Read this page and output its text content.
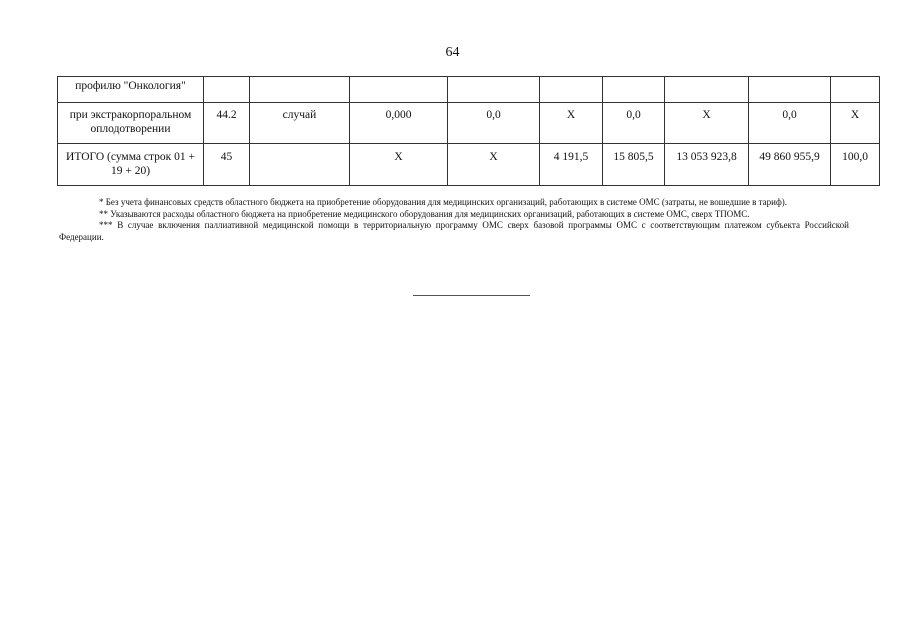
64
профилю "Онкология"									
при экстракорпоральном оплодотворении	44.2	случай	0,000	0,0	Х	0,0	Х	0,0	Х
ИТОГО (сумма строк 01 + 19 + 20)	45		Х	Х	4 191,5	15 805,5	13 053 923,8	49 860 955,9	100,0

* Без учета финансовых средств областного бюджета на приобретение оборудования для медицинских организаций, работающих в системе ОМС (затраты, не вошедшие в тариф).

** Указываются расходы областного бюджета на приобретение медицинского оборудования для медицинских организаций, работающих в системе ОМС, сверх ТПОМС.

*** В случае включения паллиативной медицинской помощи в территориальную программу ОМС сверх базовой программы ОМС с соответствующим платежом субъекта Российской Федерации.
